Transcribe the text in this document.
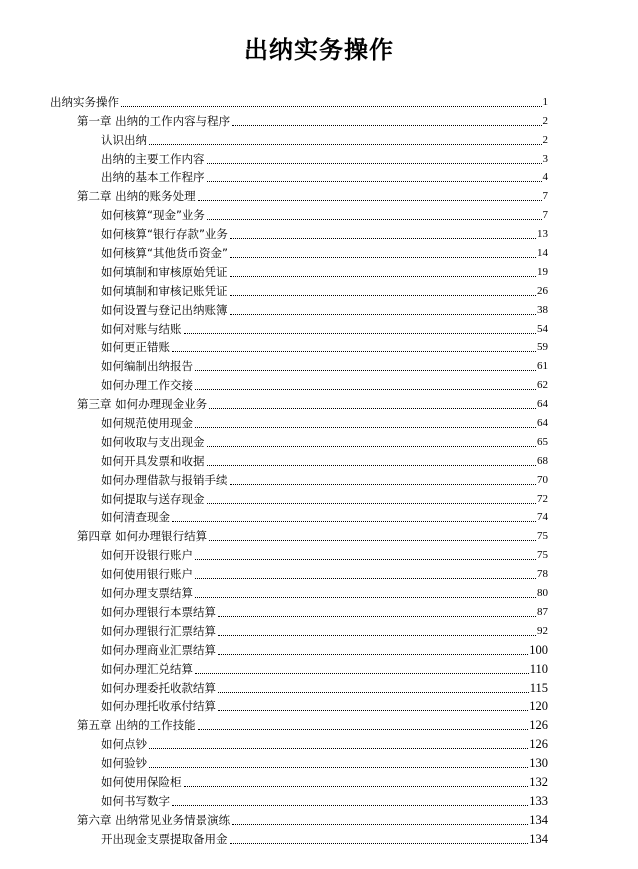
出纳实务操作
出纳实务操作	1
第一章 出纳的工作内容与程序	2
认识出纳	2
出纳的主要工作内容	3
出纳的基本工作程序	4
第二章 出纳的账务处理	7
如何核算“现金”业务	7
如何核算“银行存款”业务	13
如何核算“其他货币资金”	14
如何填制和审核原始凭证	19
如何填制和审核记账凭证	26
如何设置与登记出纳账簿	38
如何对账与结账	54
如何更正错账	59
如何编制出纳报告	61
如何办理工作交接	62
第三章 如何办理现金业务	64
如何规范使用现金	64
如何收取与支出现金	65
如何开具发票和收据	68
如何办理借款与报销手续	70
如何提取与送存现金	72
如何清查现金	74
第四章 如何办理银行结算	75
如何开设银行账户	75
如何使用银行账户	78
如何办理支票结算	80
如何办理银行本票结算	87
如何办理银行汇票结算	92
如何办理商业汇票结算	100
如何办理汇兑结算	110
如何办理委托收款结算	115
如何办理托收承付结算	120
第五章 出纳的工作技能	126
如何点钞	126
如何验钞	130
如何使用保险柜	132
如何书写数字	133
第六章 出纳常见业务情景演练	134
开出现金支票提取备用金	134
